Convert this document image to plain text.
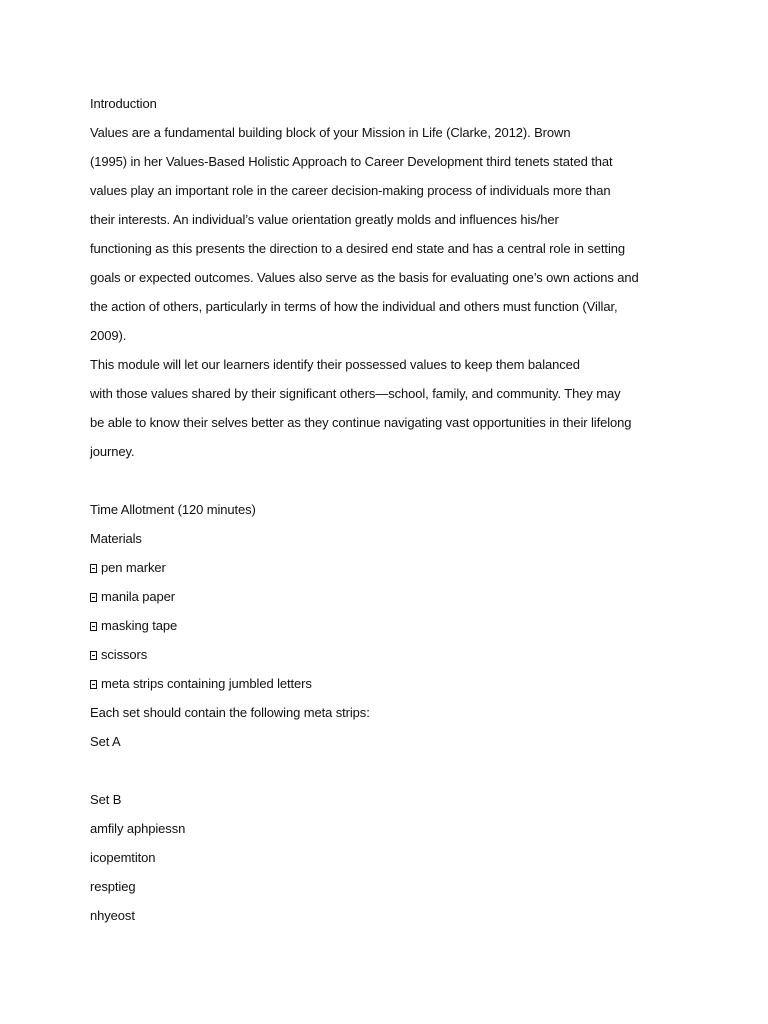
Introduction
Values are a fundamental building block of your Mission in Life (Clarke, 2012). Brown
(1995) in her Values-Based Holistic Approach to Career Development third tenets stated that
values play an important role in the career decision-making process of individuals more than
their interests. An individual’s value orientation greatly molds and influences his/her
functioning as this presents the direction to a desired end state and has a central role in setting
goals or expected outcomes. Values also serve as the basis for evaluating one’s own actions and
the action of others, particularly in terms of how the individual and others must function (Villar,
2009).
This module will let our learners identify their possessed values to keep them balanced
with those values shared by their significant others—school, family, and community. They may
be able to know their selves better as they continue navigating vast opportunities in their lifelong
journey.
Time Allotment (120 minutes)
Materials
pen marker
manila paper
masking tape
scissors
meta strips containing jumbled letters
Each set should contain the following meta strips:
Set A
Set B
amfily aphpiessn
icopemtiton
resptieg
nhyeost
